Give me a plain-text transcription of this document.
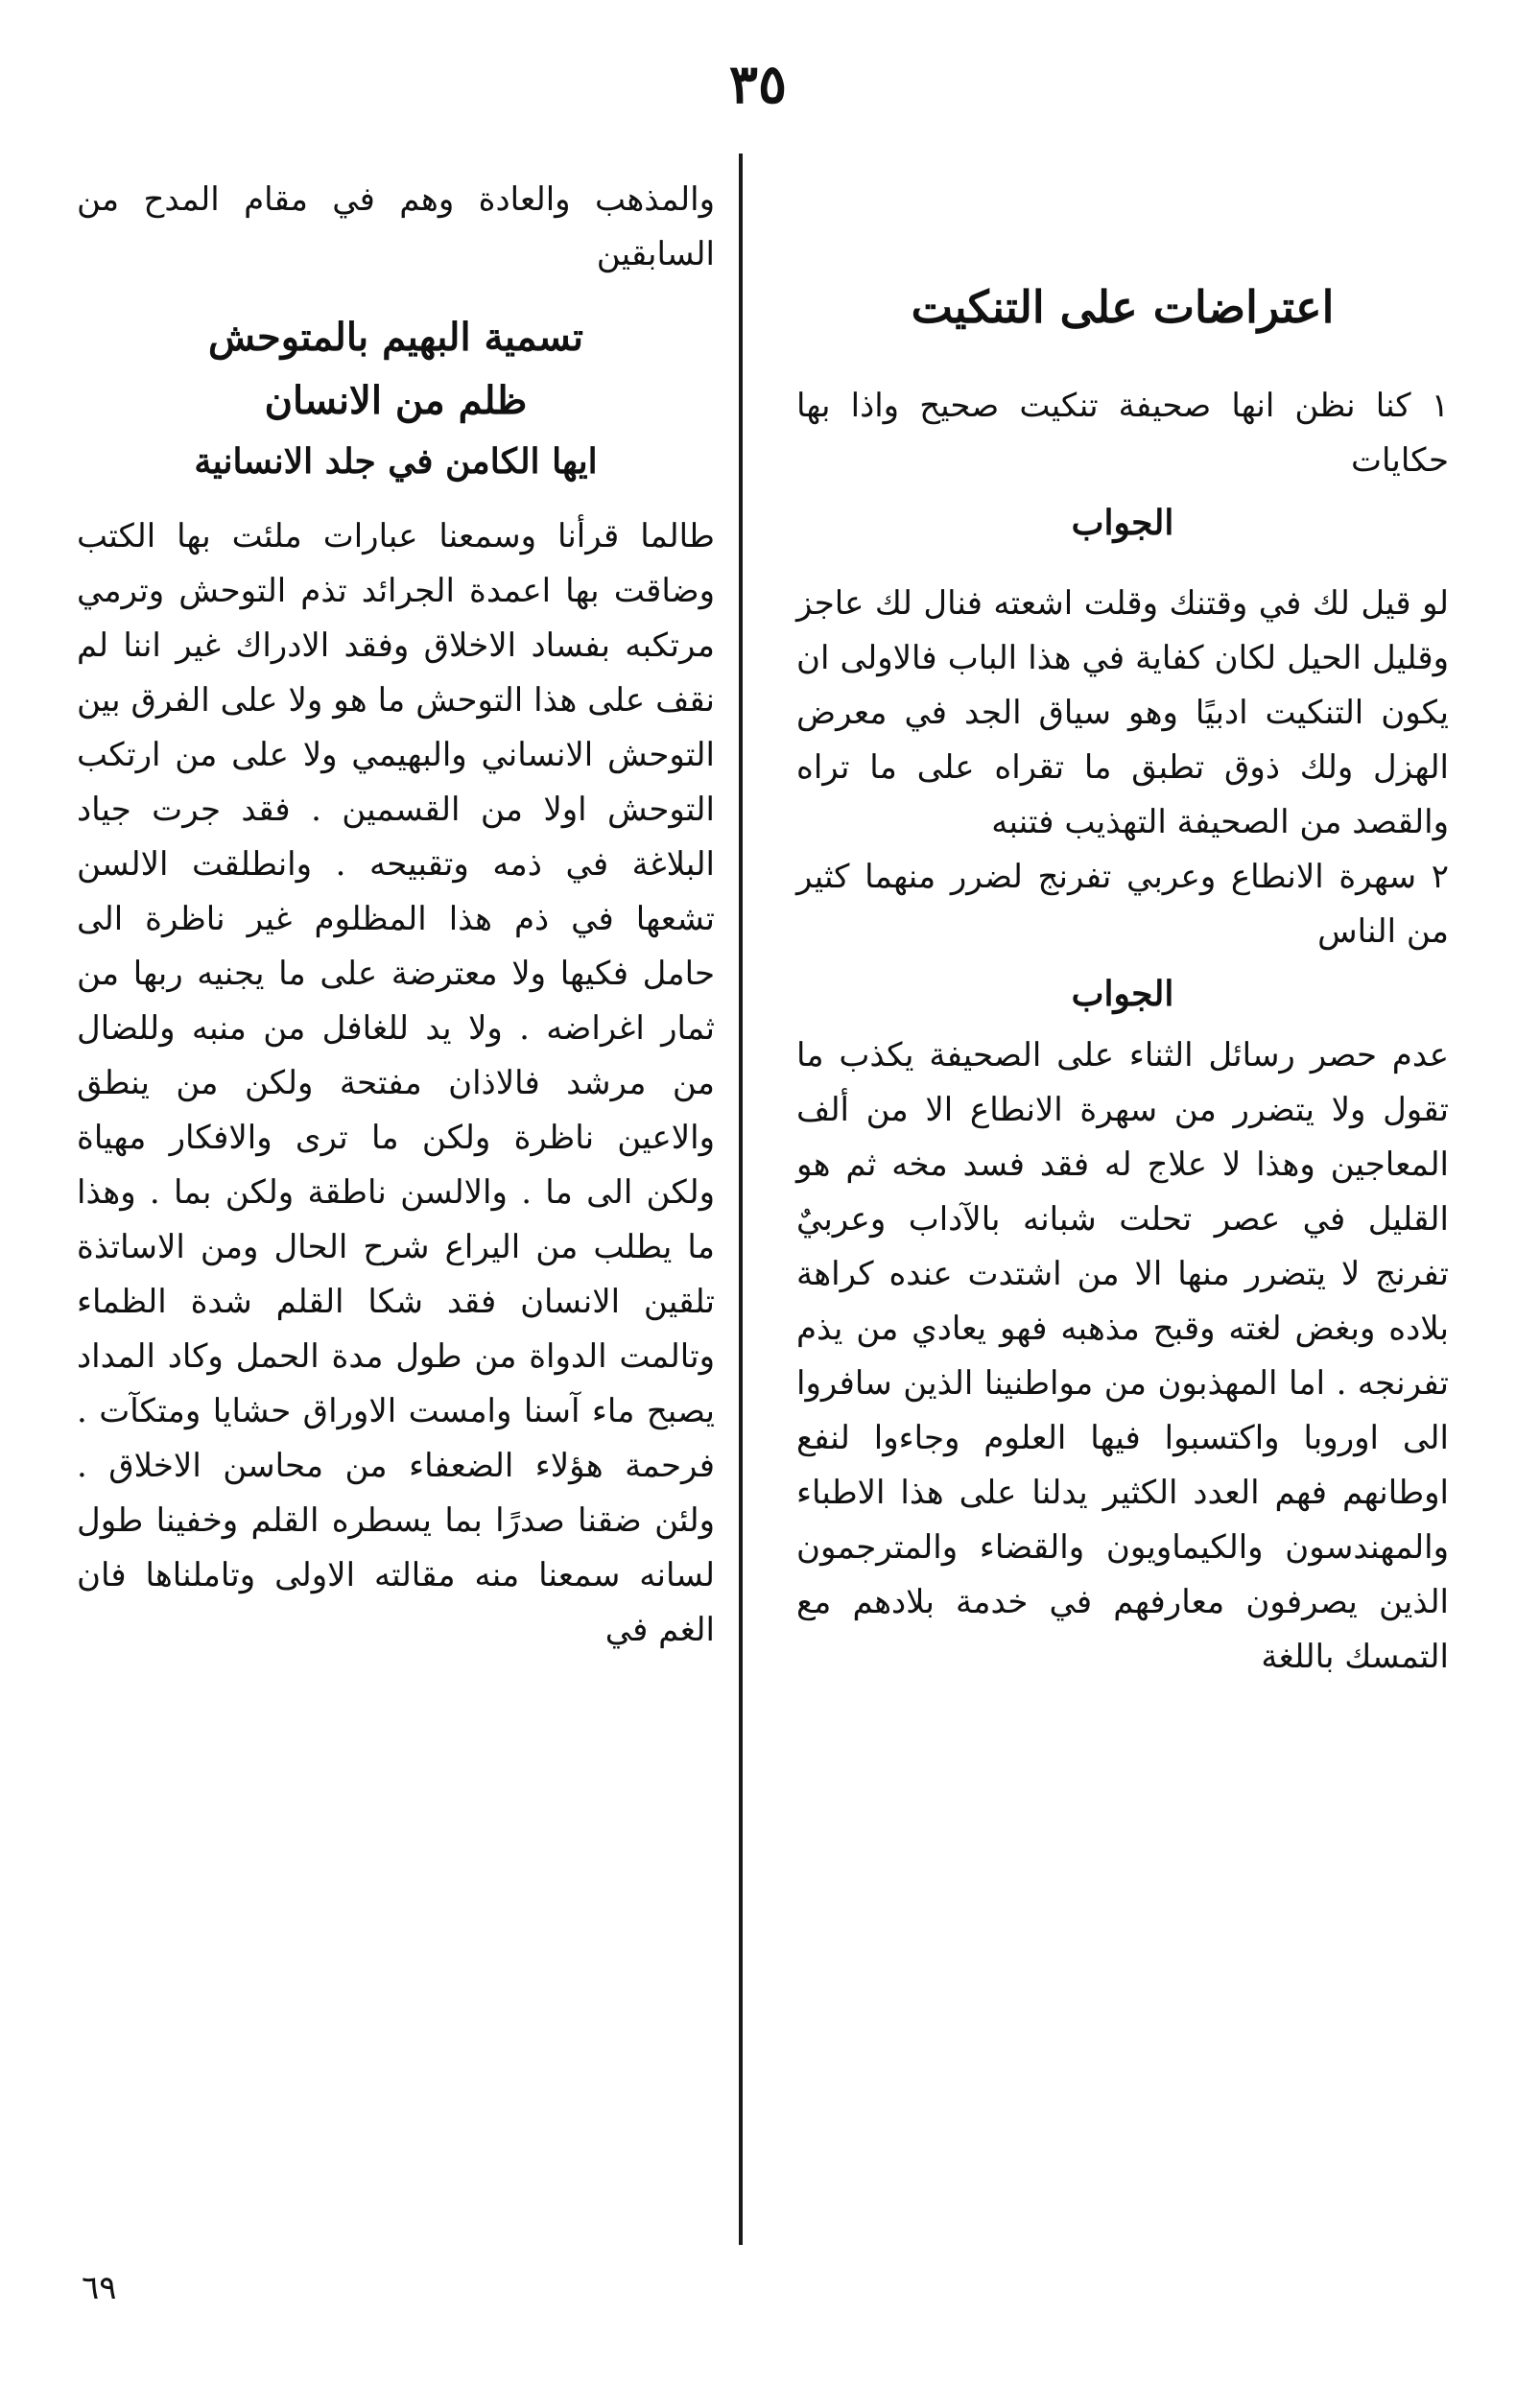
٣٥

اعتراضات على التنكيت

١ كنا نظن انها صحيفة تنكيت صحيح واذا بها حكايات

الجواب

لو قيل لك في وقتنك وقلت اشعته فنال لك عاجز وقليل الحيل لكان كفاية في هذا الباب فالاولى ان يكون التنكيت ادبيًا وهو سياق الجد في معرض الهزل ولك ذوق تطبق ما تقراه على ما تراه والقصد من الصحيفة التهذيب فتنبه

٢ سهرة الانطاع وعربي تفرنج لضرر منهما كثير من الناس

الجواب

عدم حصر رسائل الثناء على الصحيفة يكذب ما تقول ولا يتضرر من سهرة الانطاع الا من ألف المعاجين وهذا لا علاج له فقد فسد مخه ثم هو القليل في عصر تحلت شبانه بالآداب وعربيٌ تفرنج لا يتضرر منها الا من اشتدت عنده كراهة بلاده وبغض لغته وقبح مذهبه فهو يعادي من يذم تفرنجه . اما المهذبون من مواطنينا الذين سافروا الى اوروبا واكتسبوا فيها العلوم وجاءوا لنفع اوطانهم فهم العدد الكثير يدلنا على هذا الاطباء والمهندسون والكيماويون والقضاء والمترجمون الذين يصرفون معارفهم في خدمة بلادهم مع التمسك باللغة

والمذهب والعادة وهم في مقام المدح من السابقين

تسمية البهيم بالمتوحش

ظلم من الانسان

ايها الكامن في جلد الانسانية

طالما قرأنا وسمعنا عبارات ملئت بها الكتب وضاقت بها اعمدة الجرائد تذم التوحش وترمي مرتكبه بفساد الاخلاق وفقد الادراك غير اننا لم نقف على هذا التوحش ما هو ولا على الفرق بين التوحش الانساني والبهيمي ولا على من ارتكب التوحش اولا من القسمين . فقد جرت جياد البلاغة في ذمه وتقبيحه . وانطلقت الالسن تشعها في ذم هذا المظلوم غير ناظرة الى حامل فكيها ولا معترضة على ما يجنيه ربها من ثمار اغراضه . ولا يد للغافل من منبه وللضال من مرشد فالاذان مفتحة ولكن من ينطق والاعين ناظرة ولكن ما ترى والافكار مهياة ولكن الى ما . والالسن ناطقة ولكن بما . وهذا ما يطلب من اليراع شرح الحال ومن الاساتذة تلقين الانسان فقد شكا القلم شدة الظماء وتالمت الدواة من طول مدة الحمل وكاد المداد يصبح ماء آسنا وامست الاوراق حشايا ومتكآت . فرحمة هؤلاء الضعفاء من محاسن الاخلاق . ولئن ضقنا صدرًا بما يسطره القلم وخفينا طول لسانه سمعنا منه مقالته الاولى وتاملناها فان الغم في

٦٩
